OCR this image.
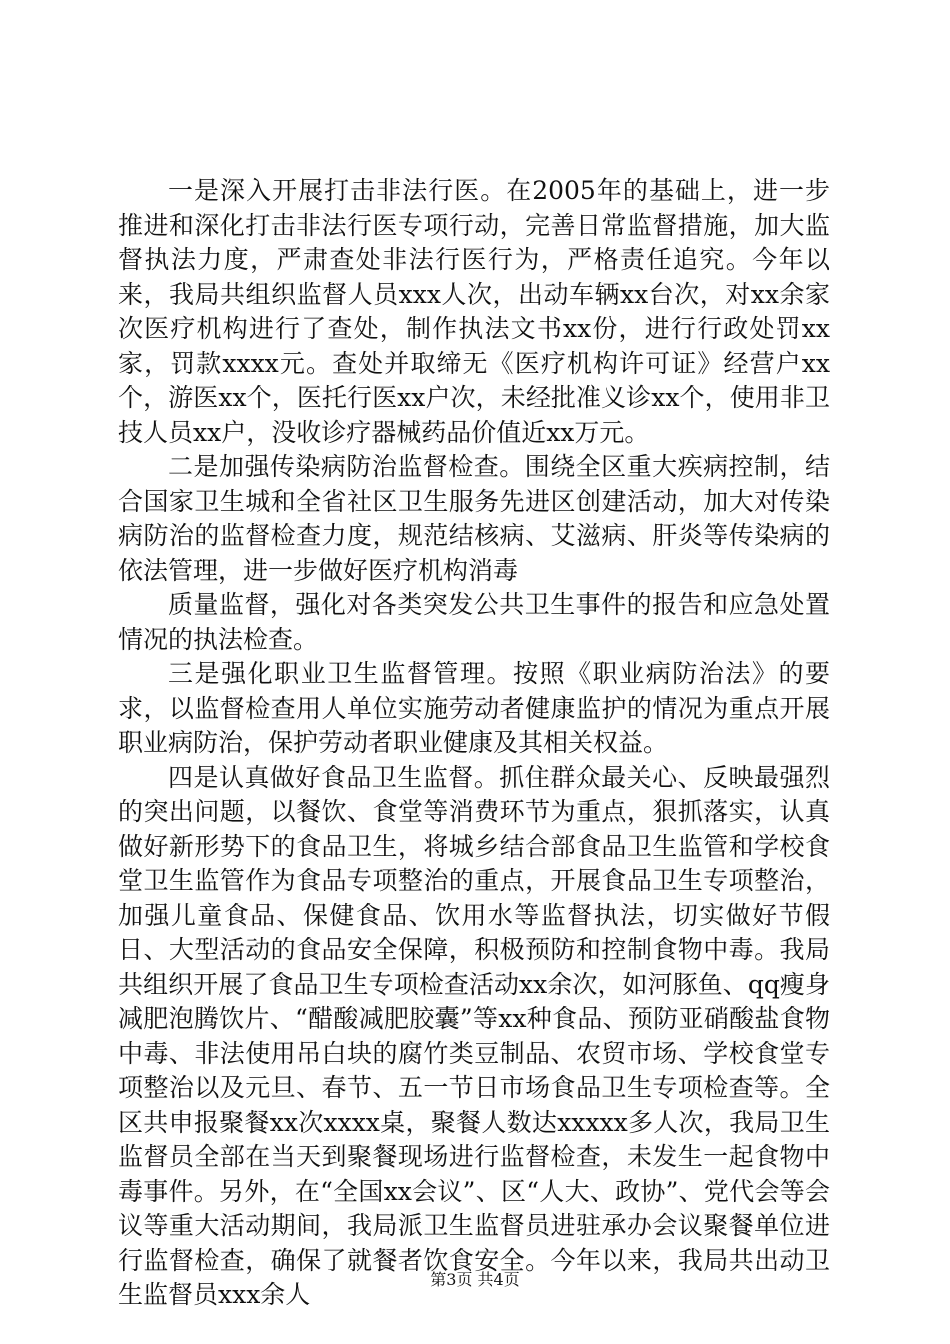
一是深入开展打击非法行医。在2005年的基础上，进一步推进和深化打击非法行医专项行动，完善日常监督措施，加大监督执法力度，严肃查处非法行医行为，严格责任追究。今年以来，我局共组织监督人员xxx人次，出动车辆xx台次，对xx余家次医疗机构进行了查处，制作执法文书xx份，进行行政处罚xx家，罚款xxxx元。查处并取缔无《医疗机构许可证》经营户xx个，游医xx个，医托行医xx户次，未经批准义诊xx个，使用非卫技人员xx户，没收诊疗器械药品价值近xx万元。

二是加强传染病防治监督检查。围绕全区重大疾病控制，结合国家卫生城和全省社区卫生服务先进区创建活动，加大对传染病防治的监督检查力度，规范结核病、艾滋病、肝炎等传染病的依法管理，进一步做好医疗机构消毒

质量监督，强化对各类突发公共卫生事件的报告和应急处置情况的执法检查。

三是强化职业卫生监督管理。按照《职业病防治法》的要求，以监督检查用人单位实施劳动者健康监护的情况为重点开展职业病防治，保护劳动者职业健康及其相关权益。

四是认真做好食品卫生监督。抓住群众最关心、反映最强烈的突出问题，以餐饮、食堂等消费环节为重点，狠抓落实，认真做好新形势下的食品卫生，将城乡结合部食品卫生监管和学校食堂卫生监管作为食品专项整治的重点，开展食品卫生专项整治，加强儿童食品、保健食品、饮用水等监督执法，切实做好节假日、大型活动的食品安全保障，积极预防和控制食物中毒。我局共组织开展了食品卫生专项检查活动xx余次，如河豚鱼、qq瘦身减肥泡腾饮片、“醋酸减肥胶囊”等xx种食品、预防亚硝酸盐食物中毒、非法使用吊白块的腐竹类豆制品、农贸市场、学校食堂专项整治以及元旦、春节、五一节日市场食品卫生专项检查等。全区共申报聚餐xx次xxxx桌，聚餐人数达xxxxx多人次，我局卫生监督员全部在当天到聚餐现场进行监督检查，未发生一起食物中毒事件。另外，在“全国xx会议”、区“人大、政协”、党代会等会议等重大活动期间，我局派卫生监督员进驻承办会议聚餐单位进行监督检查，确保了就餐者饮食安全。今年以来，我局共出动卫生监督员xxx余人

第3页 共4页
